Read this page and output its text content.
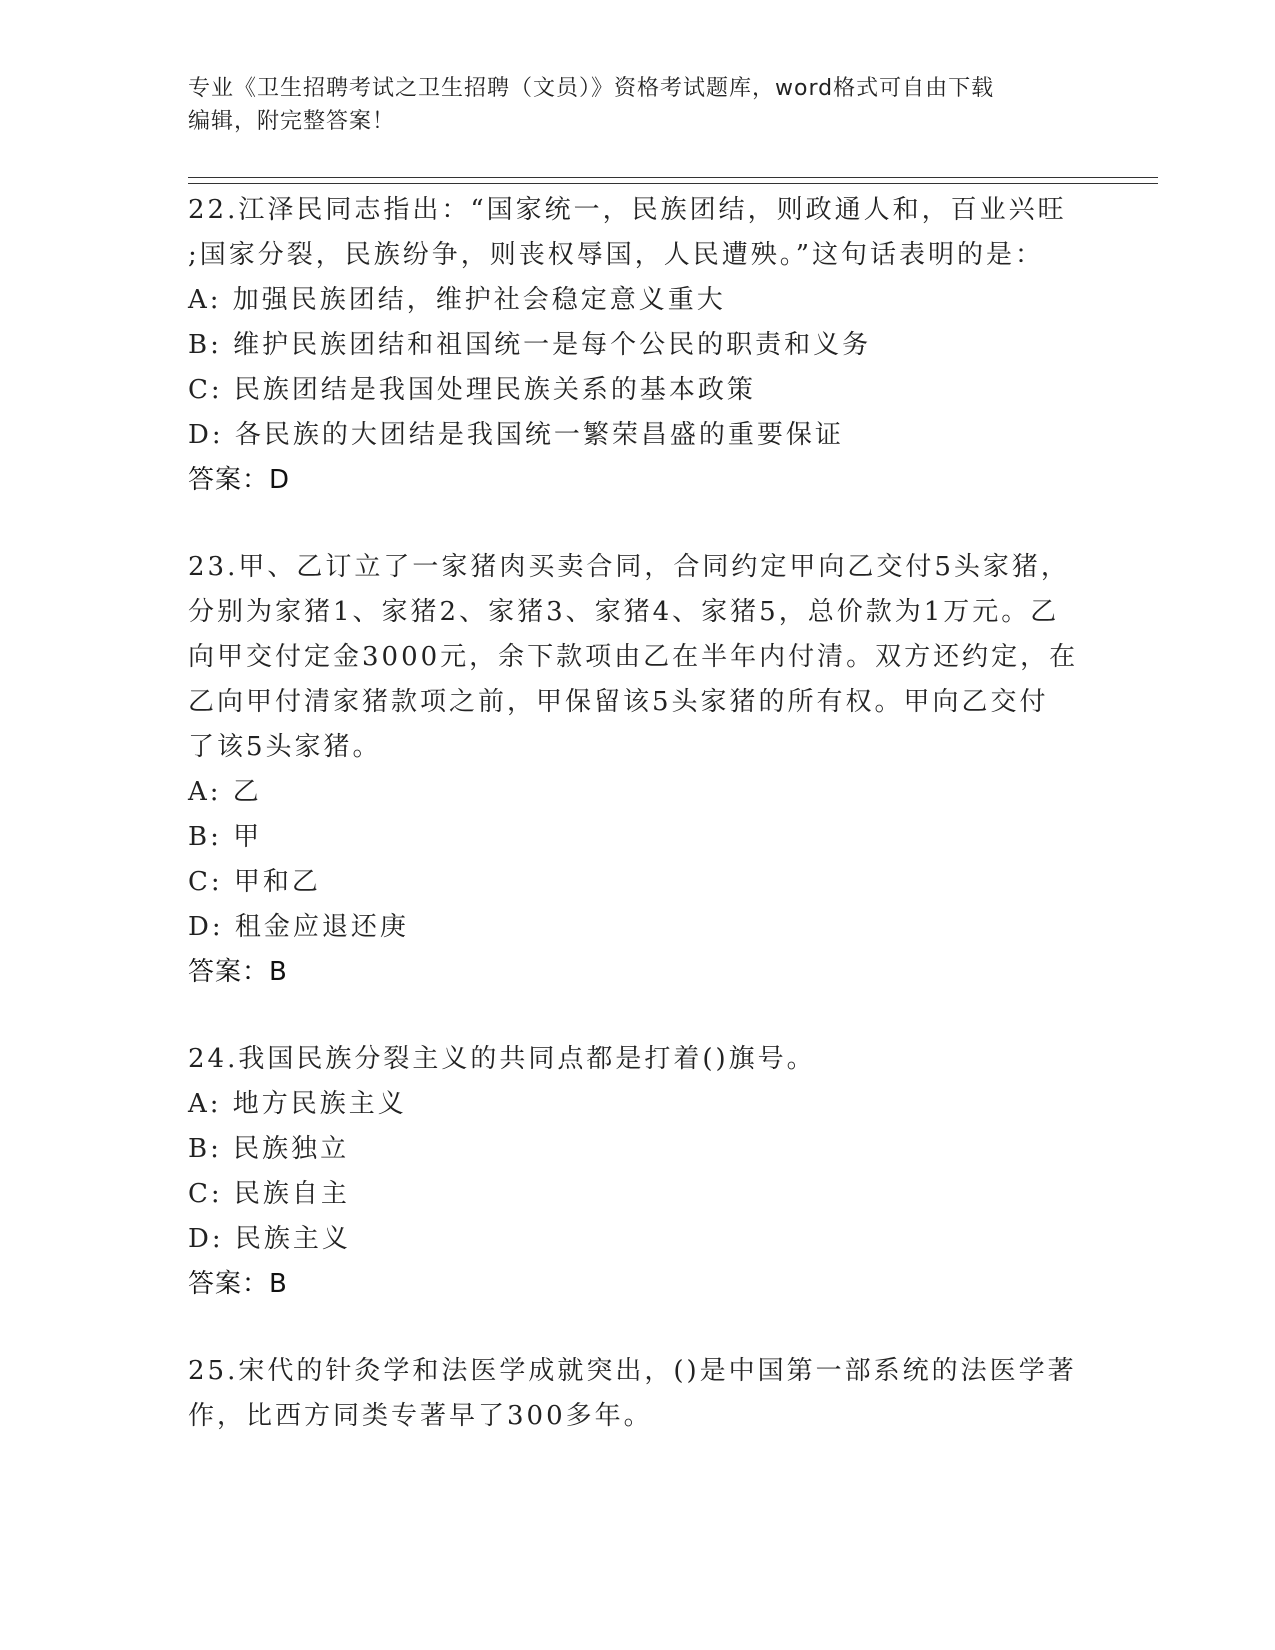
专业《卫生招聘考试之卫生招聘（文员）》资格考试题库，word格式可自由下载
编辑，附完整答案！

22.江泽民同志指出：“国家统一，民族团结，则政通人和，百业兴旺

;国家分裂，民族纷争，则丧权辱国，人民遭殃。”这句话表明的是：

A: 加强民族团结，维护社会稳定意义重大

B: 维护民族团结和祖国统一是每个公民的职责和义务

C: 民族团结是我国处理民族关系的基本政策

D: 各民族的大团结是我国统一繁荣昌盛的重要保证

答案：D

23.甲、乙订立了一家猪肉买卖合同，合同约定甲向乙交付5头家猪，

分别为家猪1、家猪2、家猪3、家猪4、家猪5，总价款为1万元。乙

向甲交付定金3000元，余下款项由乙在半年内付清。双方还约定，在

乙向甲付清家猪款项之前，甲保留该5头家猪的所有权。甲向乙交付

了该5头家猪。

A: 乙

B: 甲

C: 甲和乙

D: 租金应退还庚

答案：B

24.我国民族分裂主义的共同点都是打着()旗号。

A: 地方民族主义

B: 民族独立

C: 民族自主

D: 民族主义

答案：B

25.宋代的针灸学和法医学成就突出，()是中国第一部系统的法医学著

作，比西方同类专著早了300多年。
